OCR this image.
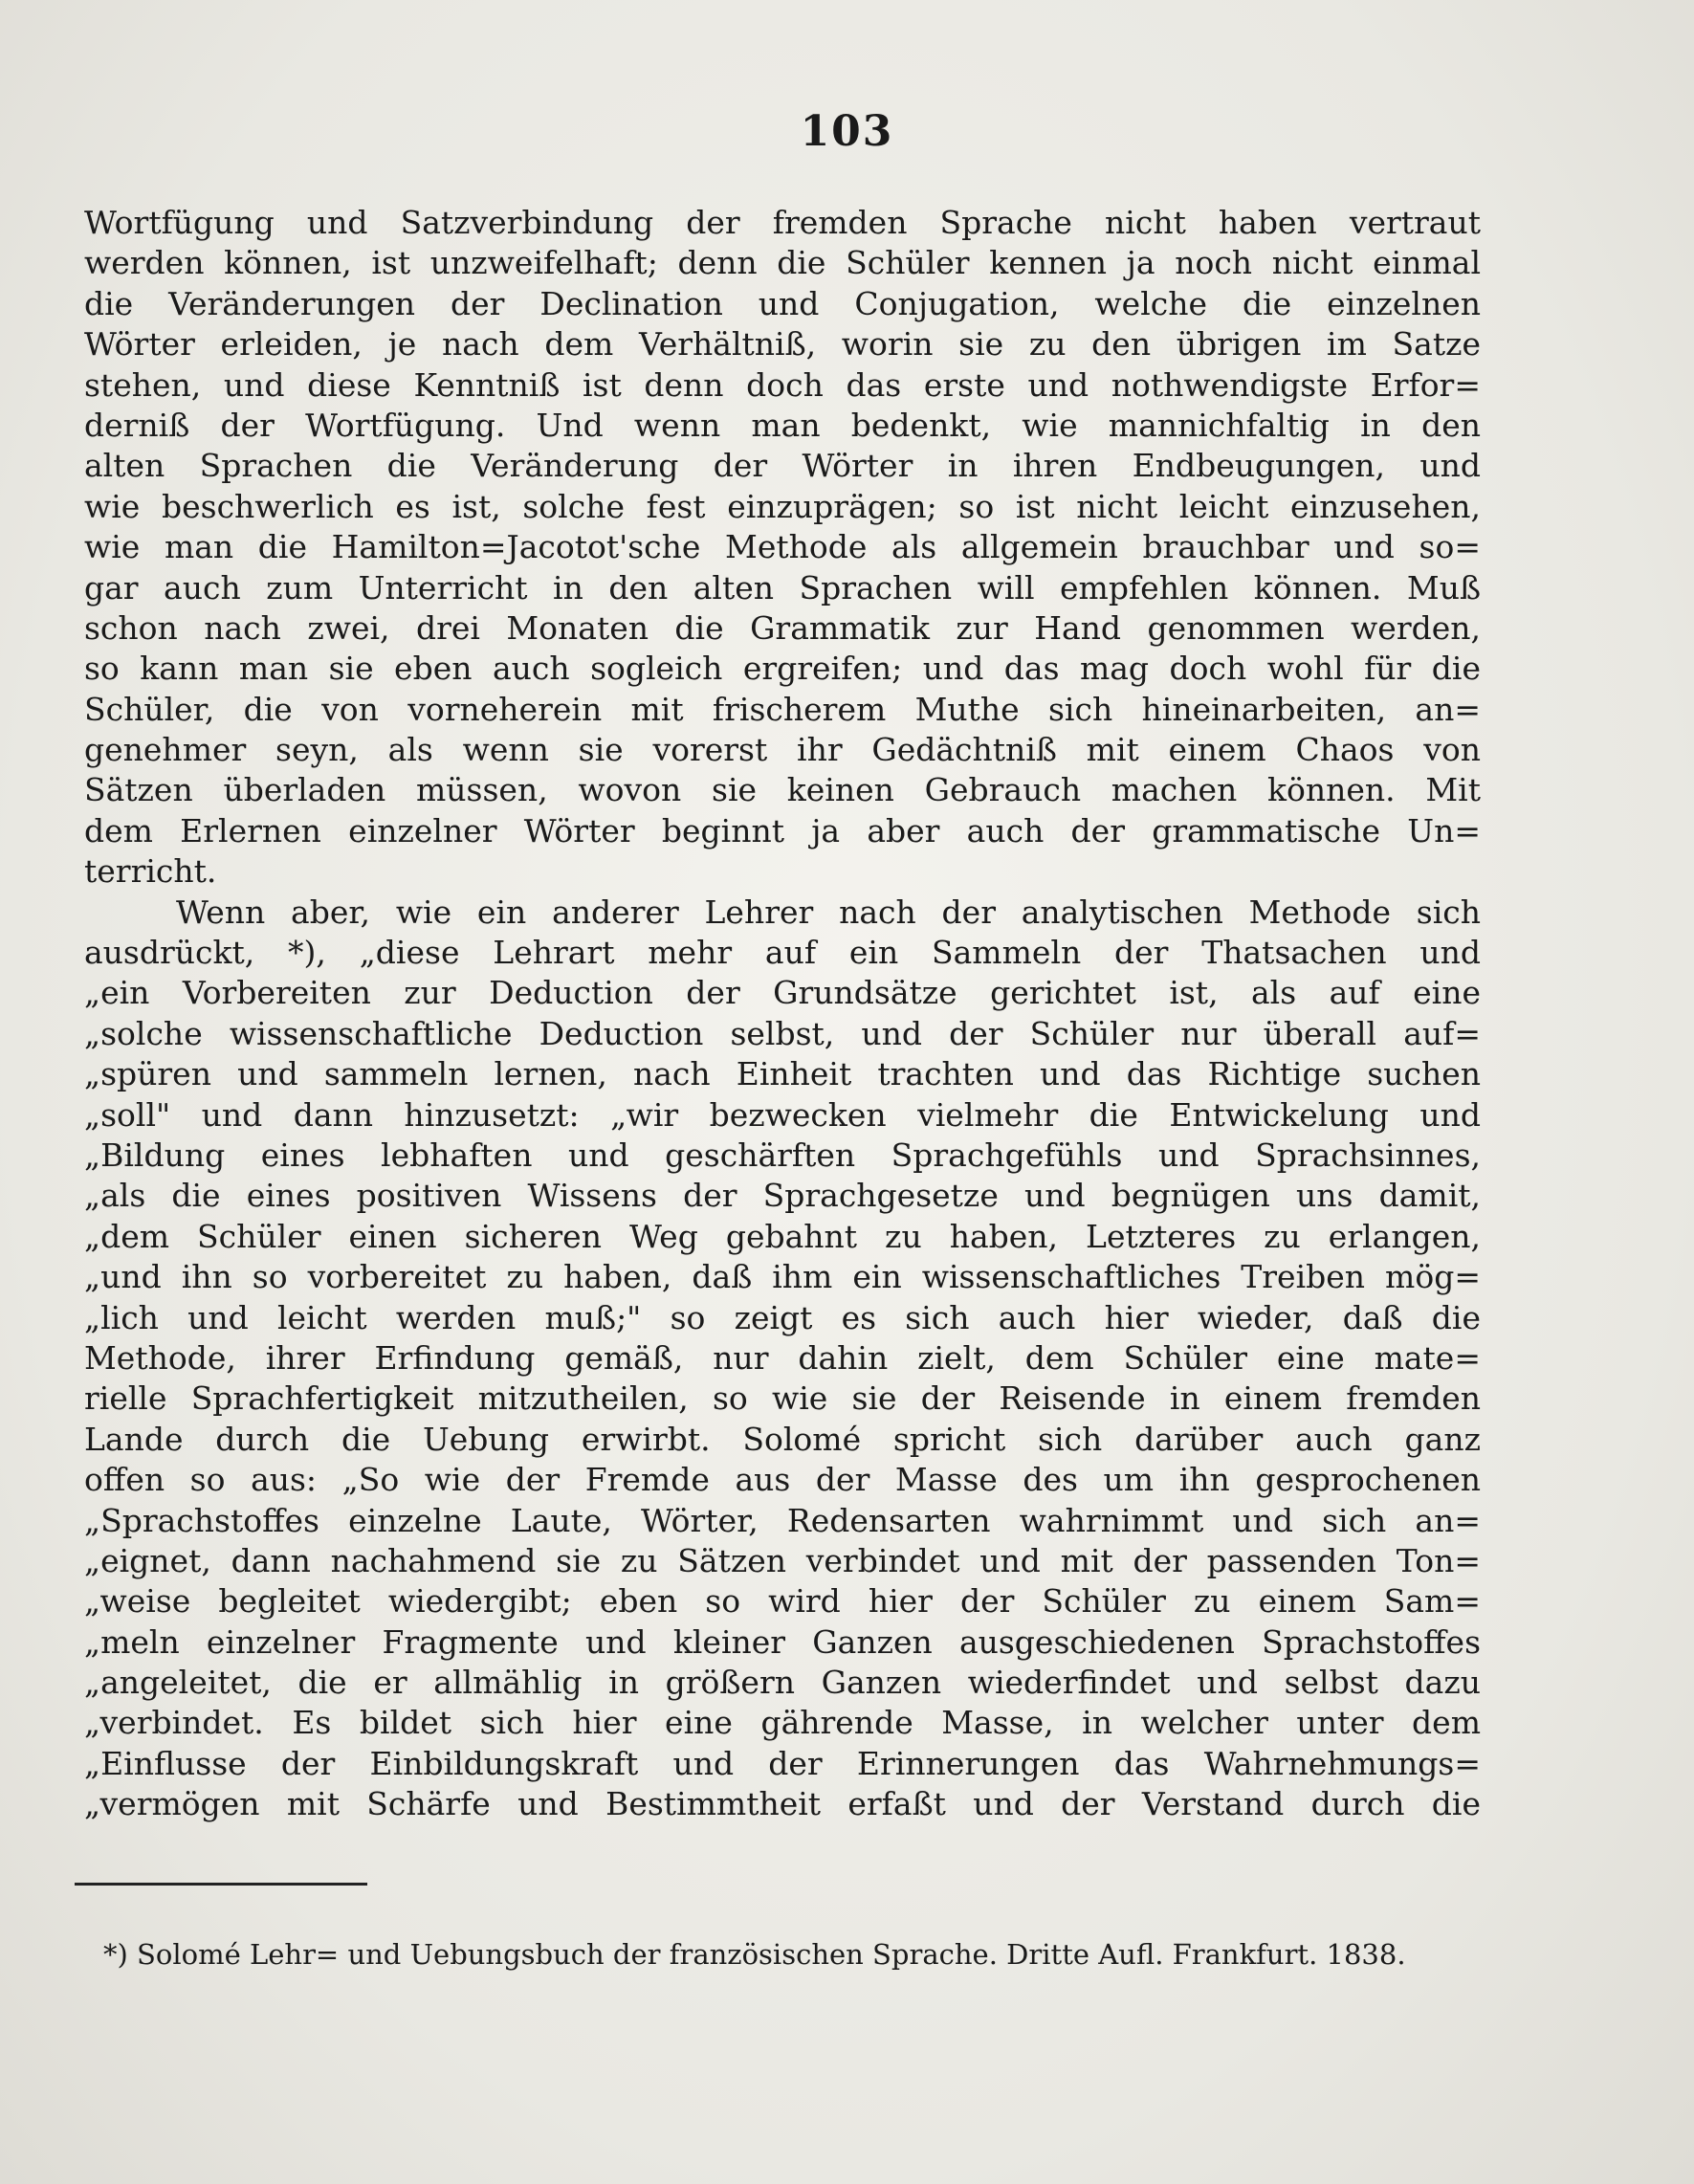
103
Wortfügung und Satzverbindung der fremden Sprache nicht haben vertraut
werden können, ist unzweifelhaft; denn die Schüler kennen ja noch nicht einmal
die Veränderungen der Declination und Conjugation, welche die einzelnen
Wörter erleiden, je nach dem Verhältniß, worin sie zu den übrigen im Satze
stehen, und diese Kenntniß ist denn doch das erste und nothwendigste Erfor=
derniß der Wortfügung. Und wenn man bedenkt, wie mannichfaltig in den
alten Sprachen die Veränderung der Wörter in ihren Endbeugungen, und
wie beschwerlich es ist, solche fest einzuprägen; so ist nicht leicht einzusehen,
wie man die Hamilton=Jacotot'sche Methode als allgemein brauchbar und so=
gar auch zum Unterricht in den alten Sprachen will empfehlen können. Muß
schon nach zwei, drei Monaten die Grammatik zur Hand genommen werden,
so kann man sie eben auch sogleich ergreifen; und das mag doch wohl für die
Schüler, die von vorneherein mit frischerem Muthe sich hineinarbeiten, an=
genehmer seyn, als wenn sie vorerst ihr Gedächtniß mit einem Chaos von
Sätzen überladen müssen, wovon sie keinen Gebrauch machen können. Mit
dem Erlernen einzelner Wörter beginnt ja aber auch der grammatische Un=
terricht.
Wenn aber, wie ein anderer Lehrer nach der analytischen Methode sich
ausdrückt, *), „diese Lehrart mehr auf ein Sammeln der Thatsachen und
„ein Vorbereiten zur Deduction der Grundsätze gerichtet ist, als auf eine
„solche wissenschaftliche Deduction selbst, und der Schüler nur überall auf=
„spüren und sammeln lernen, nach Einheit trachten und das Richtige suchen
„soll" und dann hinzusetzt: „wir bezwecken vielmehr die Entwickelung und
„Bildung eines lebhaften und geschärften Sprachgefühls und Sprachsinnes,
„als die eines positiven Wissens der Sprachgesetze und begnügen uns damit,
„dem Schüler einen sicheren Weg gebahnt zu haben, Letzteres zu erlangen,
„und ihn so vorbereitet zu haben, daß ihm ein wissenschaftliches Treiben mög=
„lich und leicht werden muß;" so zeigt es sich auch hier wieder, daß die
Methode, ihrer Erfindung gemäß, nur dahin zielt, dem Schüler eine mate=
rielle Sprachfertigkeit mitzutheilen, so wie sie der Reisende in einem fremden
Lande durch die Uebung erwirbt. Solomé spricht sich darüber auch ganz
offen so aus: „So wie der Fremde aus der Masse des um ihn gesprochenen
„Sprachstoffes einzelne Laute, Wörter, Redensarten wahrnimmt und sich an=
„eignet, dann nachahmend sie zu Sätzen verbindet und mit der passenden Ton=
„weise begleitet wiedergibt; eben so wird hier der Schüler zu einem Sam=
„meln einzelner Fragmente und kleiner Ganzen ausgeschiedenen Sprachstoffes
„angeleitet, die er allmählig in größern Ganzen wiederfindet und selbst dazu
„verbindet. Es bildet sich hier eine gährende Masse, in welcher unter dem
„Einflusse der Einbildungskraft und der Erinnerungen das Wahrnehmungs=
„vermögen mit Schärfe und Bestimmtheit erfaßt und der Verstand durch die
*) Solomé Lehr= und Uebungsbuch der französischen Sprache. Dritte Aufl. Frankfurt. 1838.
